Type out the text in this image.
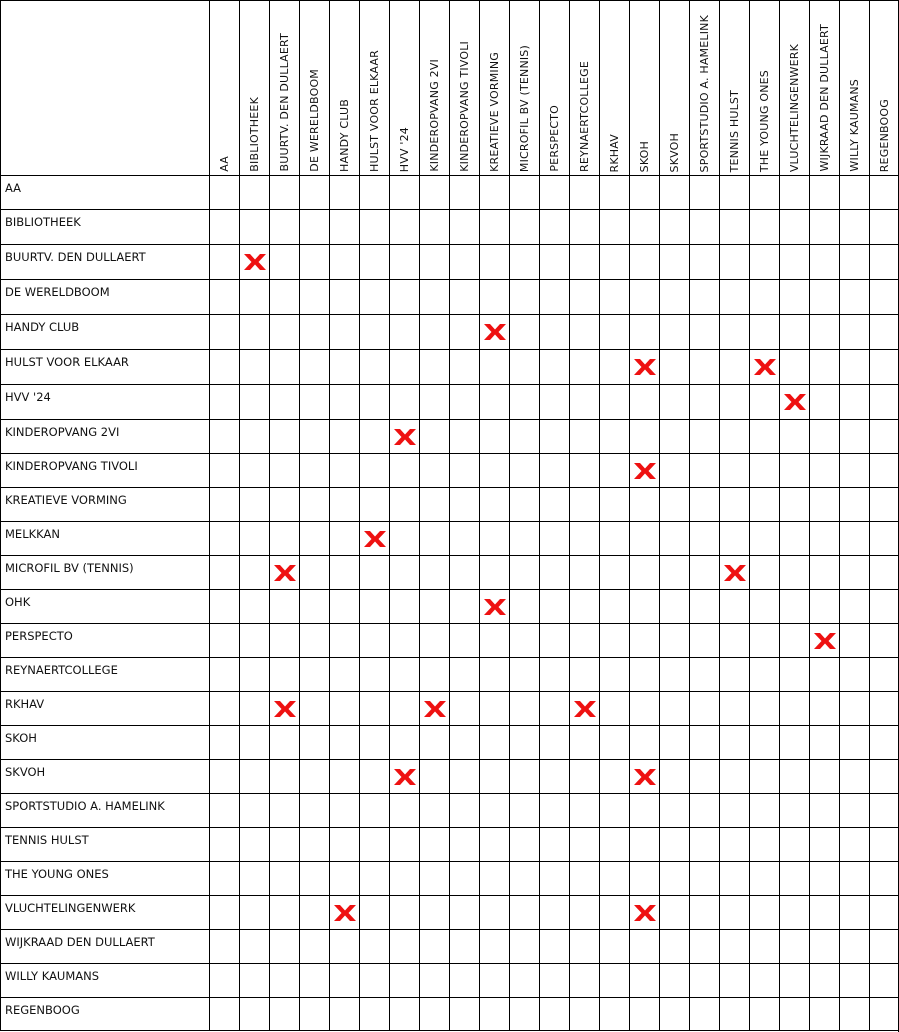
AA BIBLIOTHEEK BUURTV. DEN DULLAERT DE WERELDBOOM HANDY CLUB HULST VOOR ELKAAR HVV '24 KINDEROPVANG 2VI KINDEROPVANG TIVOLI KREATIEVE VORMING MICROFIL BV (TENNIS) PERSPECTO REYNAERTCOLLEGE RKHAV SKOH SKVOH SPORTSTUDIO A. HAMELINK TENNIS HULST THE YOUNG ONES VLUCHTELINGENWERK WIJKRAAD DEN DULLAERT WILLY KAUMANS REGENBOOG
AA
BIBLIOTHEEK
BUURTV. DEN DULLAERT
DE WERELDBOOM
HANDY CLUB
HULST VOOR ELKAAR
HVV '24
KINDEROPVANG 2VI
KINDEROPVANG TIVOLI
KREATIEVE VORMING
MELKKAN
MICROFIL BV (TENNIS)
OHK
PERSPECTO
REYNAERTCOLLEGE
RKHAV
SKOH
SKVOH
SPORTSTUDIO A. HAMELINK
TENNIS HULST
THE YOUNG ONES
VLUCHTELINGENWERK
WIJKRAAD DEN DULLAERT
WILLY KAUMANS
REGENBOOG
